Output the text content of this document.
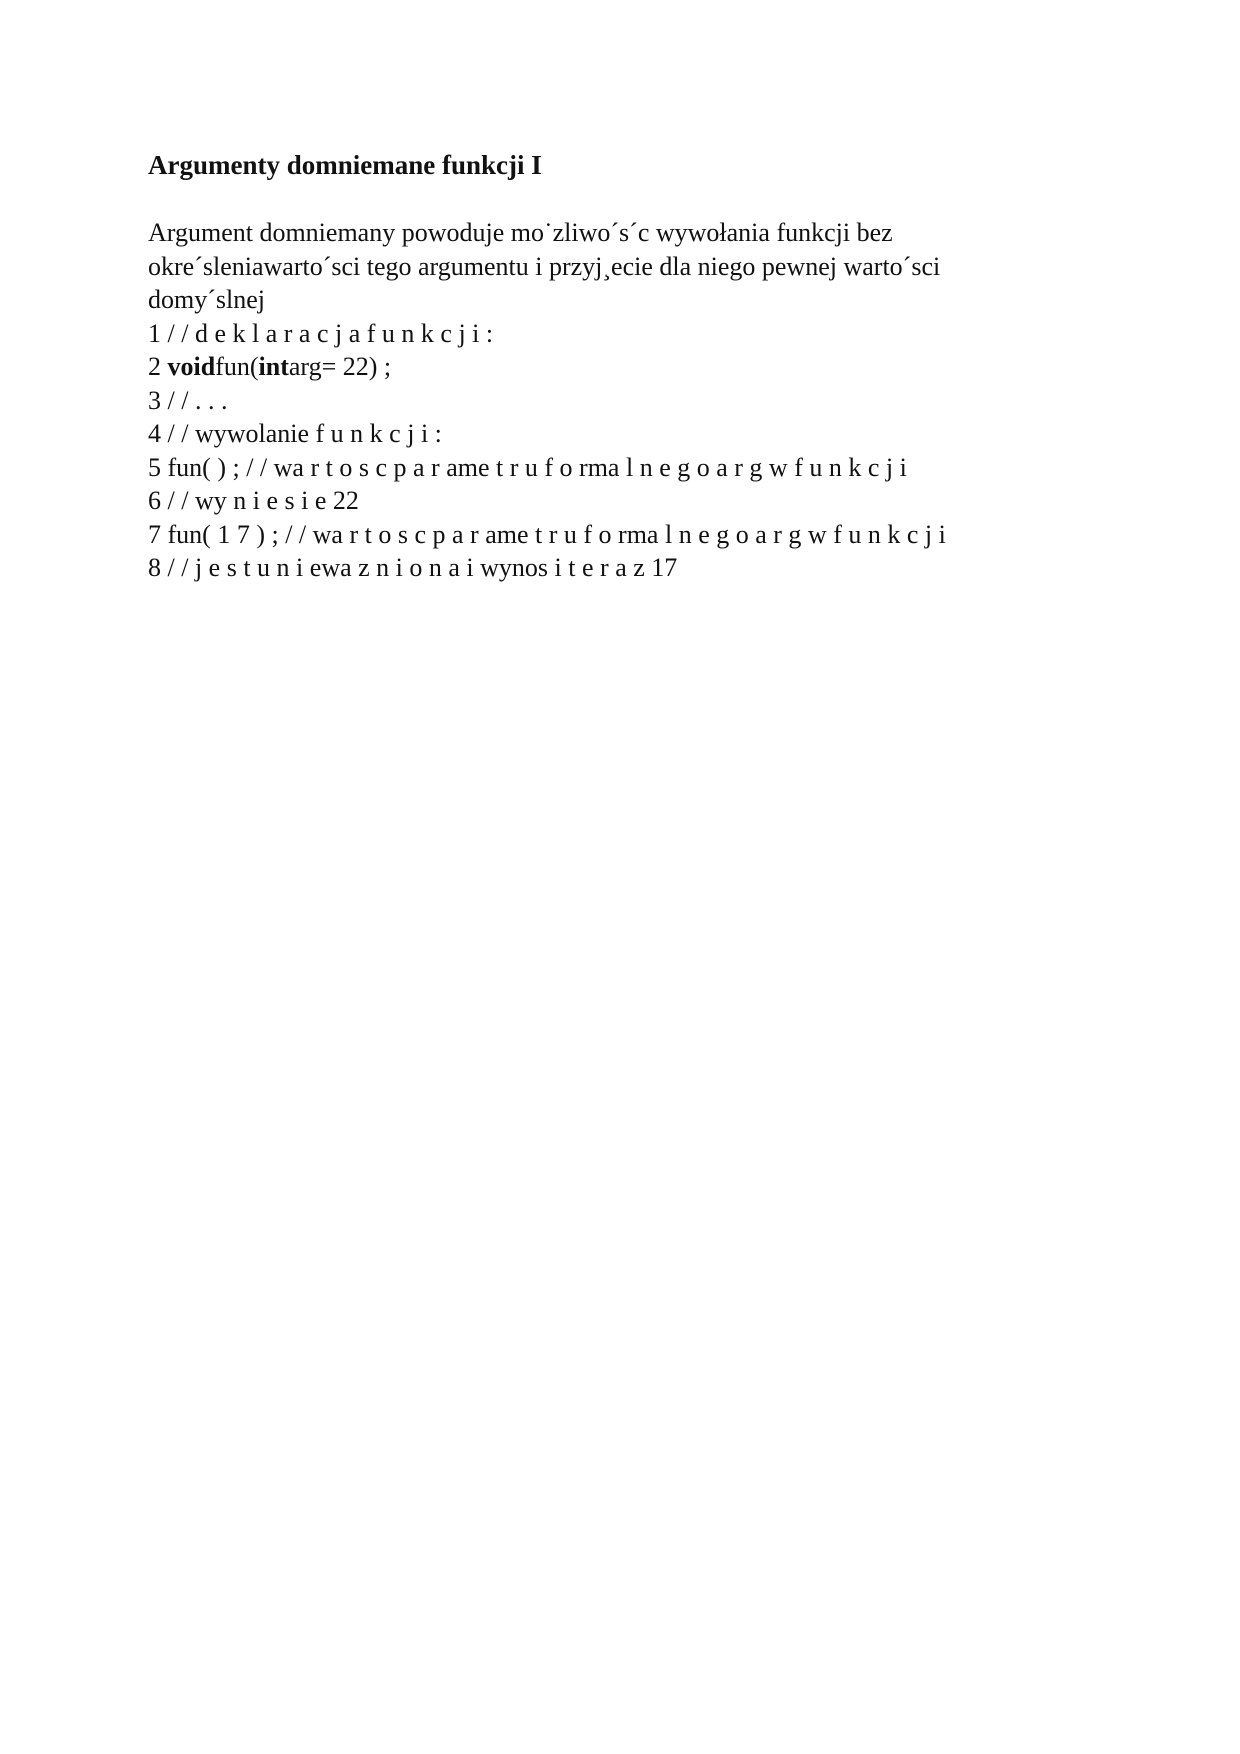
Argumenty domniemane funkcji I
Argument domniemany powoduje mo˙zliwo´s´c wywołania funkcji bez
okre´sleniawarto´sci tego argumentu i przyj¸ecie dla niego pewnej warto´sci
domy´slnej
1 / / d e k l a r a c j a f u n k c j i :
2 voidfun(intarg= 22) ;
3 / / . . .
4 / / wywolanie f u n k c j i :
5 fun( ) ; / / wa r t o s c p a r ame t r u f o rma l n e g o a r g w f u n k c j i
6 / / wy n i e s i e 22
7 fun( 1 7 ) ; / / wa r t o s c p a r ame t r u f o rma l n e g o a r g w f u n k c j i
8 / / j e s t u n i ewa z n i o n a i wynos i t e r a z 17
